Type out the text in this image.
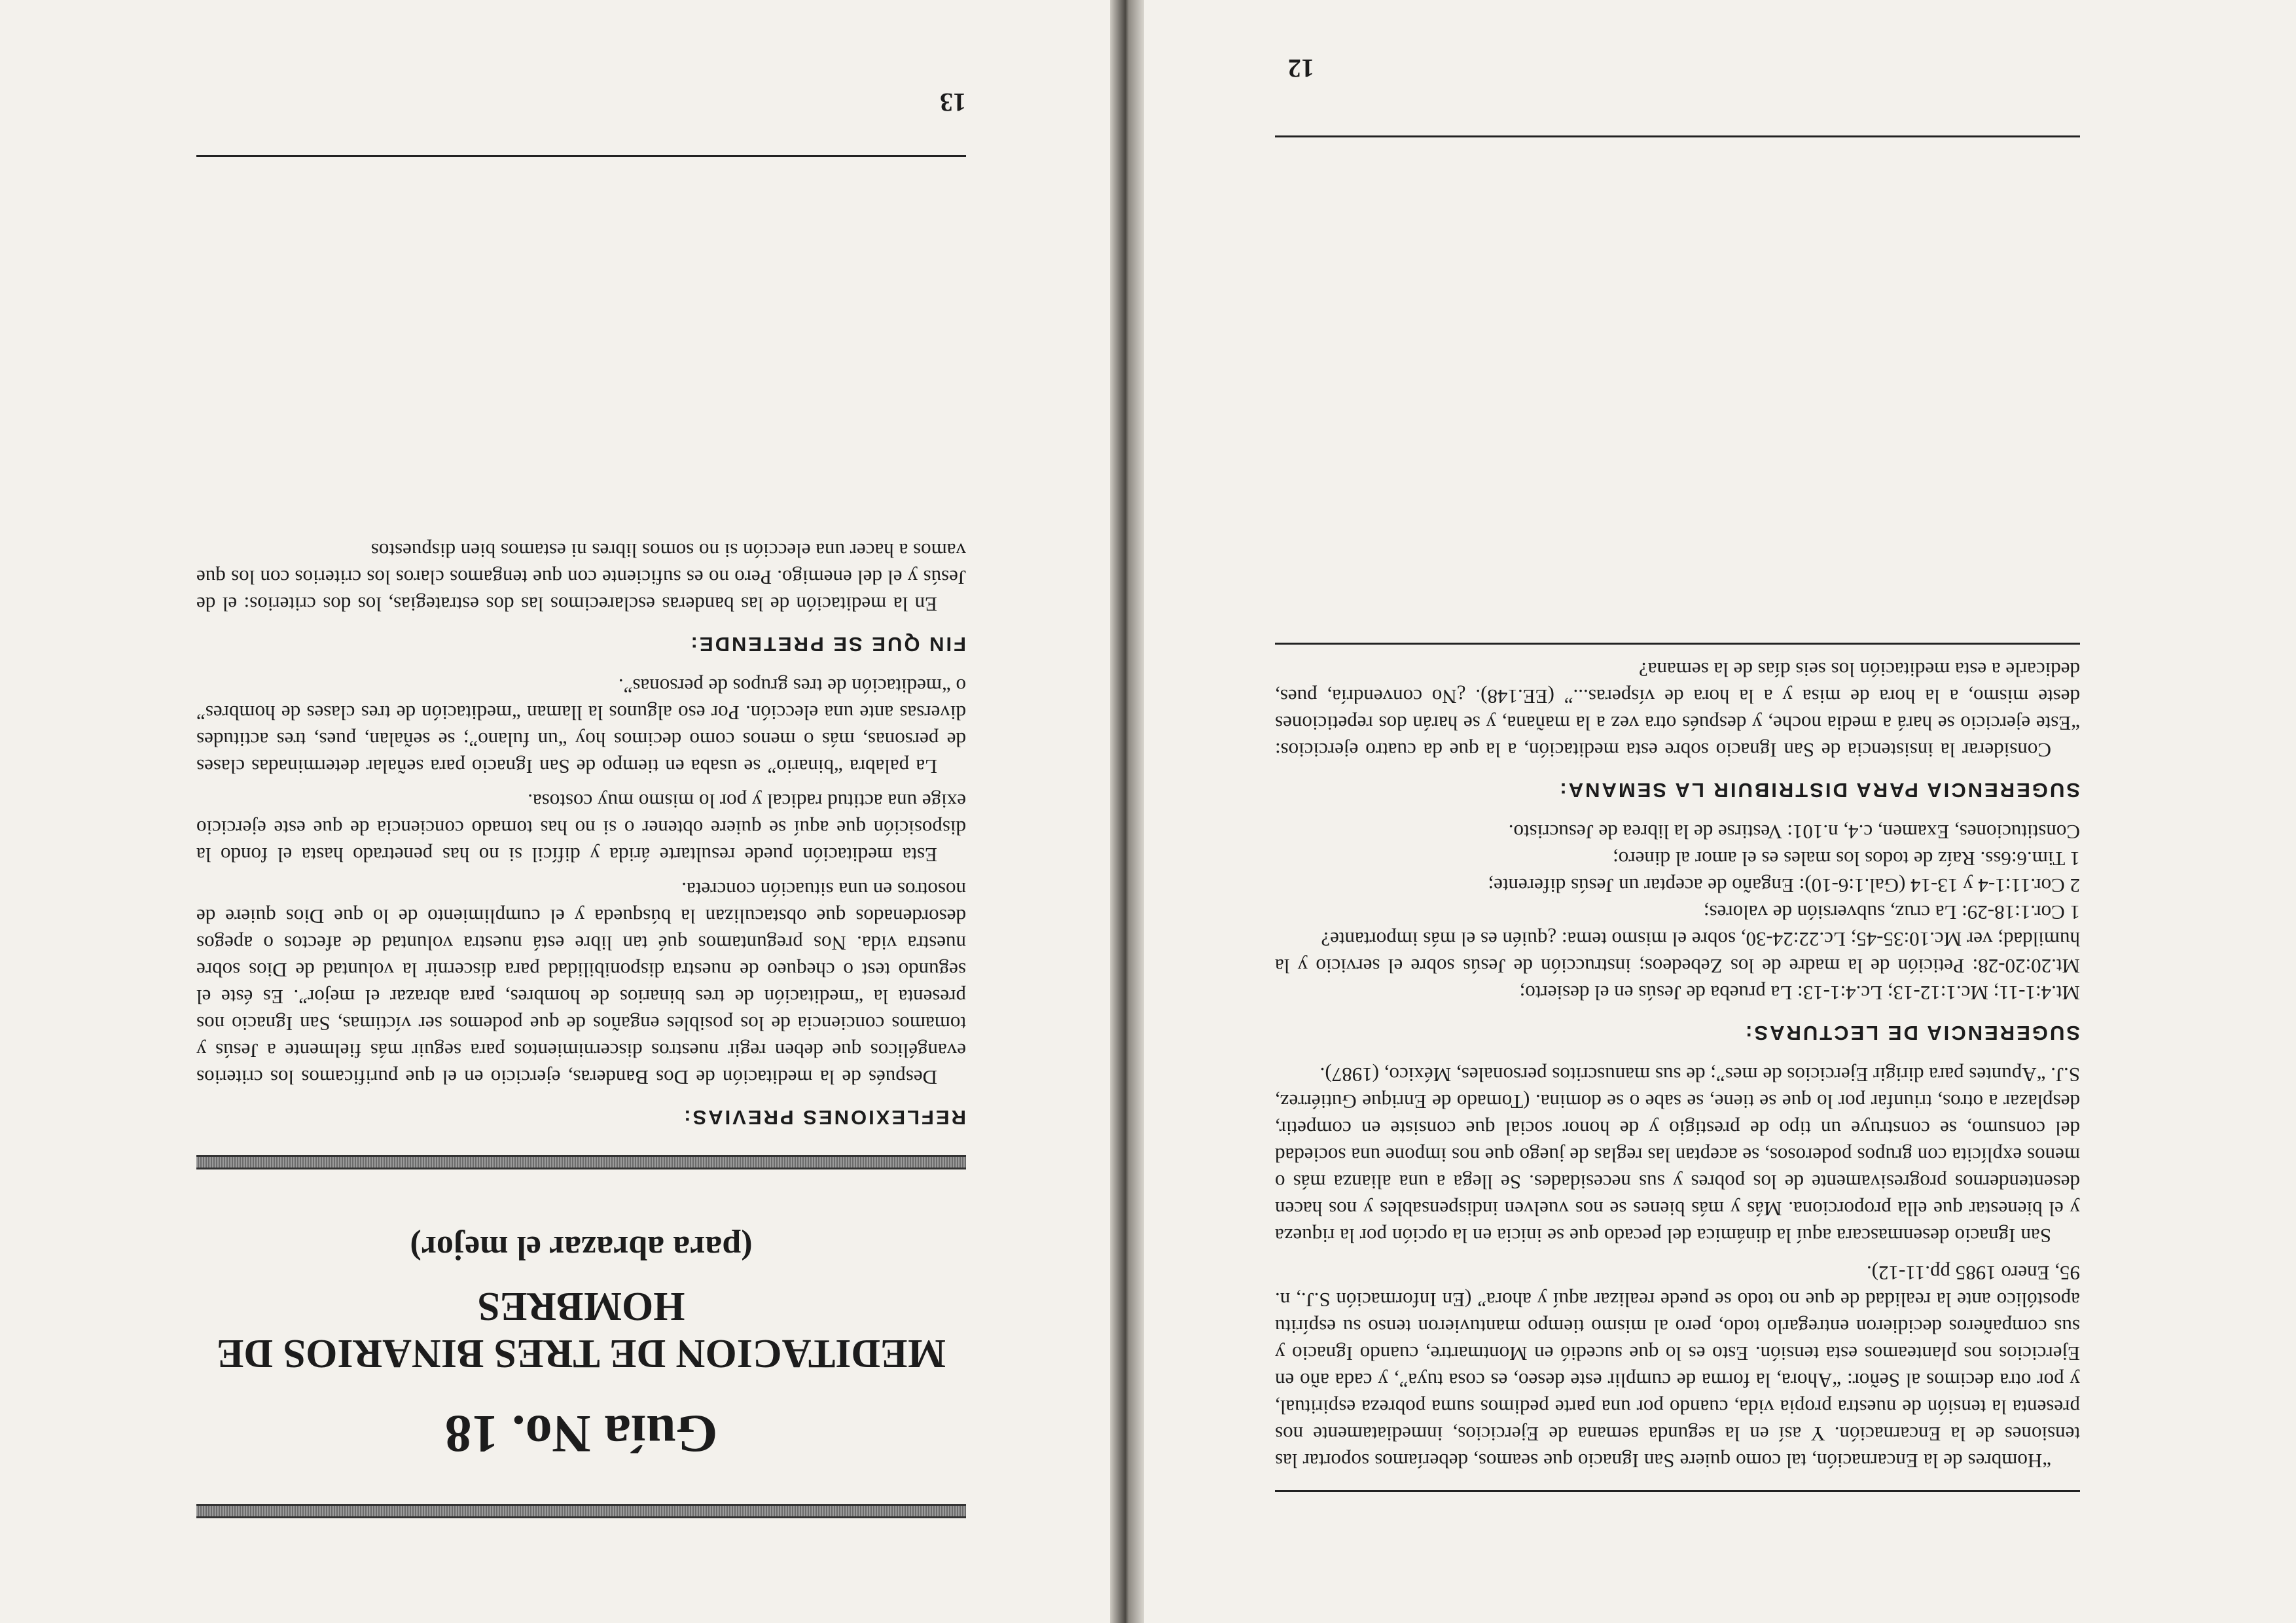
12

“Hombres de la Encarnación, tal como quiere San Ignacio que seamos, deberíamos soportar las tensiones de la Encarnación. Y así en la segunda semana de Ejercicios, inmediatamente nos presenta la tensión de nuestra propia vida, cuando por una parte pedimos suma pobreza espiritual, y por otra decimos al Señor: “Ahora, la forma de cumplir este deseo, es cosa tuya”, y cada año en Ejercicios nos planteamos esta tensión. Esto es lo que sucedió en Montmartre, cuando Ignacio y sus compañeros decidieron entregarlo todo, pero al mismo tiempo mantuvieron tenso su espíritu apostólico ante la realidad de que no todo se puede realizar aquí y ahora” (En Información S.J., n. 95, Enero 1985 pp.11-12).

San Ignacio desenmascara aquí la dinámica del pecado que se inicia en la opción por la riqueza y el bienestar que ella proporciona. Más y más bienes se nos vuelven indispensables y nos hacen desentendernos progresivamente de los pobres y sus necesidades. Se llega a una alianza más o menos explícita con grupos poderosos, se aceptan las reglas de juego que nos impone una sociedad del consumo, se construye un tipo de prestigio y de honor social que consiste en competir, desplazar a otros, triunfar por lo que se tiene, se sabe o se domina. (Tomado de Enrique Gutiérrez, S.J. “Apuntes para dirigir Ejercicios de mes”; de sus manuscritos personales, México, (1987).

SUGERENCIA DE LECTURAS:

Mt.4:1-11; Mc.1:12-13; Lc.4:1-13: La prueba de Jesús en el desierto;

Mt.20:20-28: Petición de la madre de los Zebedeos; instrucción de Jesús sobre el servicio y la humildad; ver Mc.10:35-45; Lc.22:24-30, sobre el mismo tema: ¿quién es el más importante?

1 Cor.1:18-29: La cruz, subversión de valores;

2 Cor.11:1-4 y 13-14 (Gal.1:6-10): Engaño de aceptar un Jesús diferente;

1 Tim.6:6ss. Raíz de todos los males es el amor al dinero;

Constituciones, Examen, c.4, n.101: Vestirse de la librea de Jesucristo.

SUGERENCIA PARA DISTRIBUIR LA SEMANA:

Considerar la insistencia de San Ignacio sobre esta meditación, a la que da cuatro ejercicios: “Este ejercicio se hará a media noche, y después otra vez a la mañana, y se harán dos repeticiones deste mismo, a la hora de misa y a la hora de vísperas...” (EE.148). ¿No convendría, pues, dedicarle a esta meditación los seis días de la semana?

13
Guía No. 18
MEDITACION DE TRES BINARIOS DE HOMBRES
(para abrazar el mejor)
REFLEXIONES PREVIAS:

Después de la meditación de Dos Banderas, ejercicio en el que purificamos los criterios evangélicos que deben regir nuestros discernimientos para seguir más fielmente a Jesús y tomamos conciencia de los posibles engaños de que podemos ser víctimas, San Ignacio nos presenta la “meditación de tres binarios de hombres, para abrazar el mejor”. Es éste el segundo test o chequeo de nuestra disponibilidad para discernir la voluntad de Dios sobre nuestra vida. Nos preguntamos qué tan libre está nuestra voluntad de afectos o apegos desordenados que obstaculizan la búsqueda y el cumplimiento de lo que Dios quiere de nosotros en una situación concreta.

Esta meditación puede resultarte árida y difícil si no has penetrado hasta el fondo la disposición que aquí se quiere obtener o si no has tomado conciencia de que este ejercicio exige una actitud radical y por lo mismo muy costosa.

La palabra “binario” se usaba en tiempo de San Ignacio para señalar determinadas clases de personas, más o menos como decimos hoy “un fulano”; se señalan, pues, tres actitudes diversas ante una elección. Por eso algunos la llaman “meditación de tres clases de hombres” o “meditación de tres grupos de personas”.

FIN QUE SE PRETENDE:

En la meditación de las banderas esclarecimos las dos estrategias, los dos criterios: el de Jesús y el del enemigo. Pero no es suficiente con que tengamos claros los criterios con los que vamos a hacer una elección si no somos libres ni estamos bien dispuestos
